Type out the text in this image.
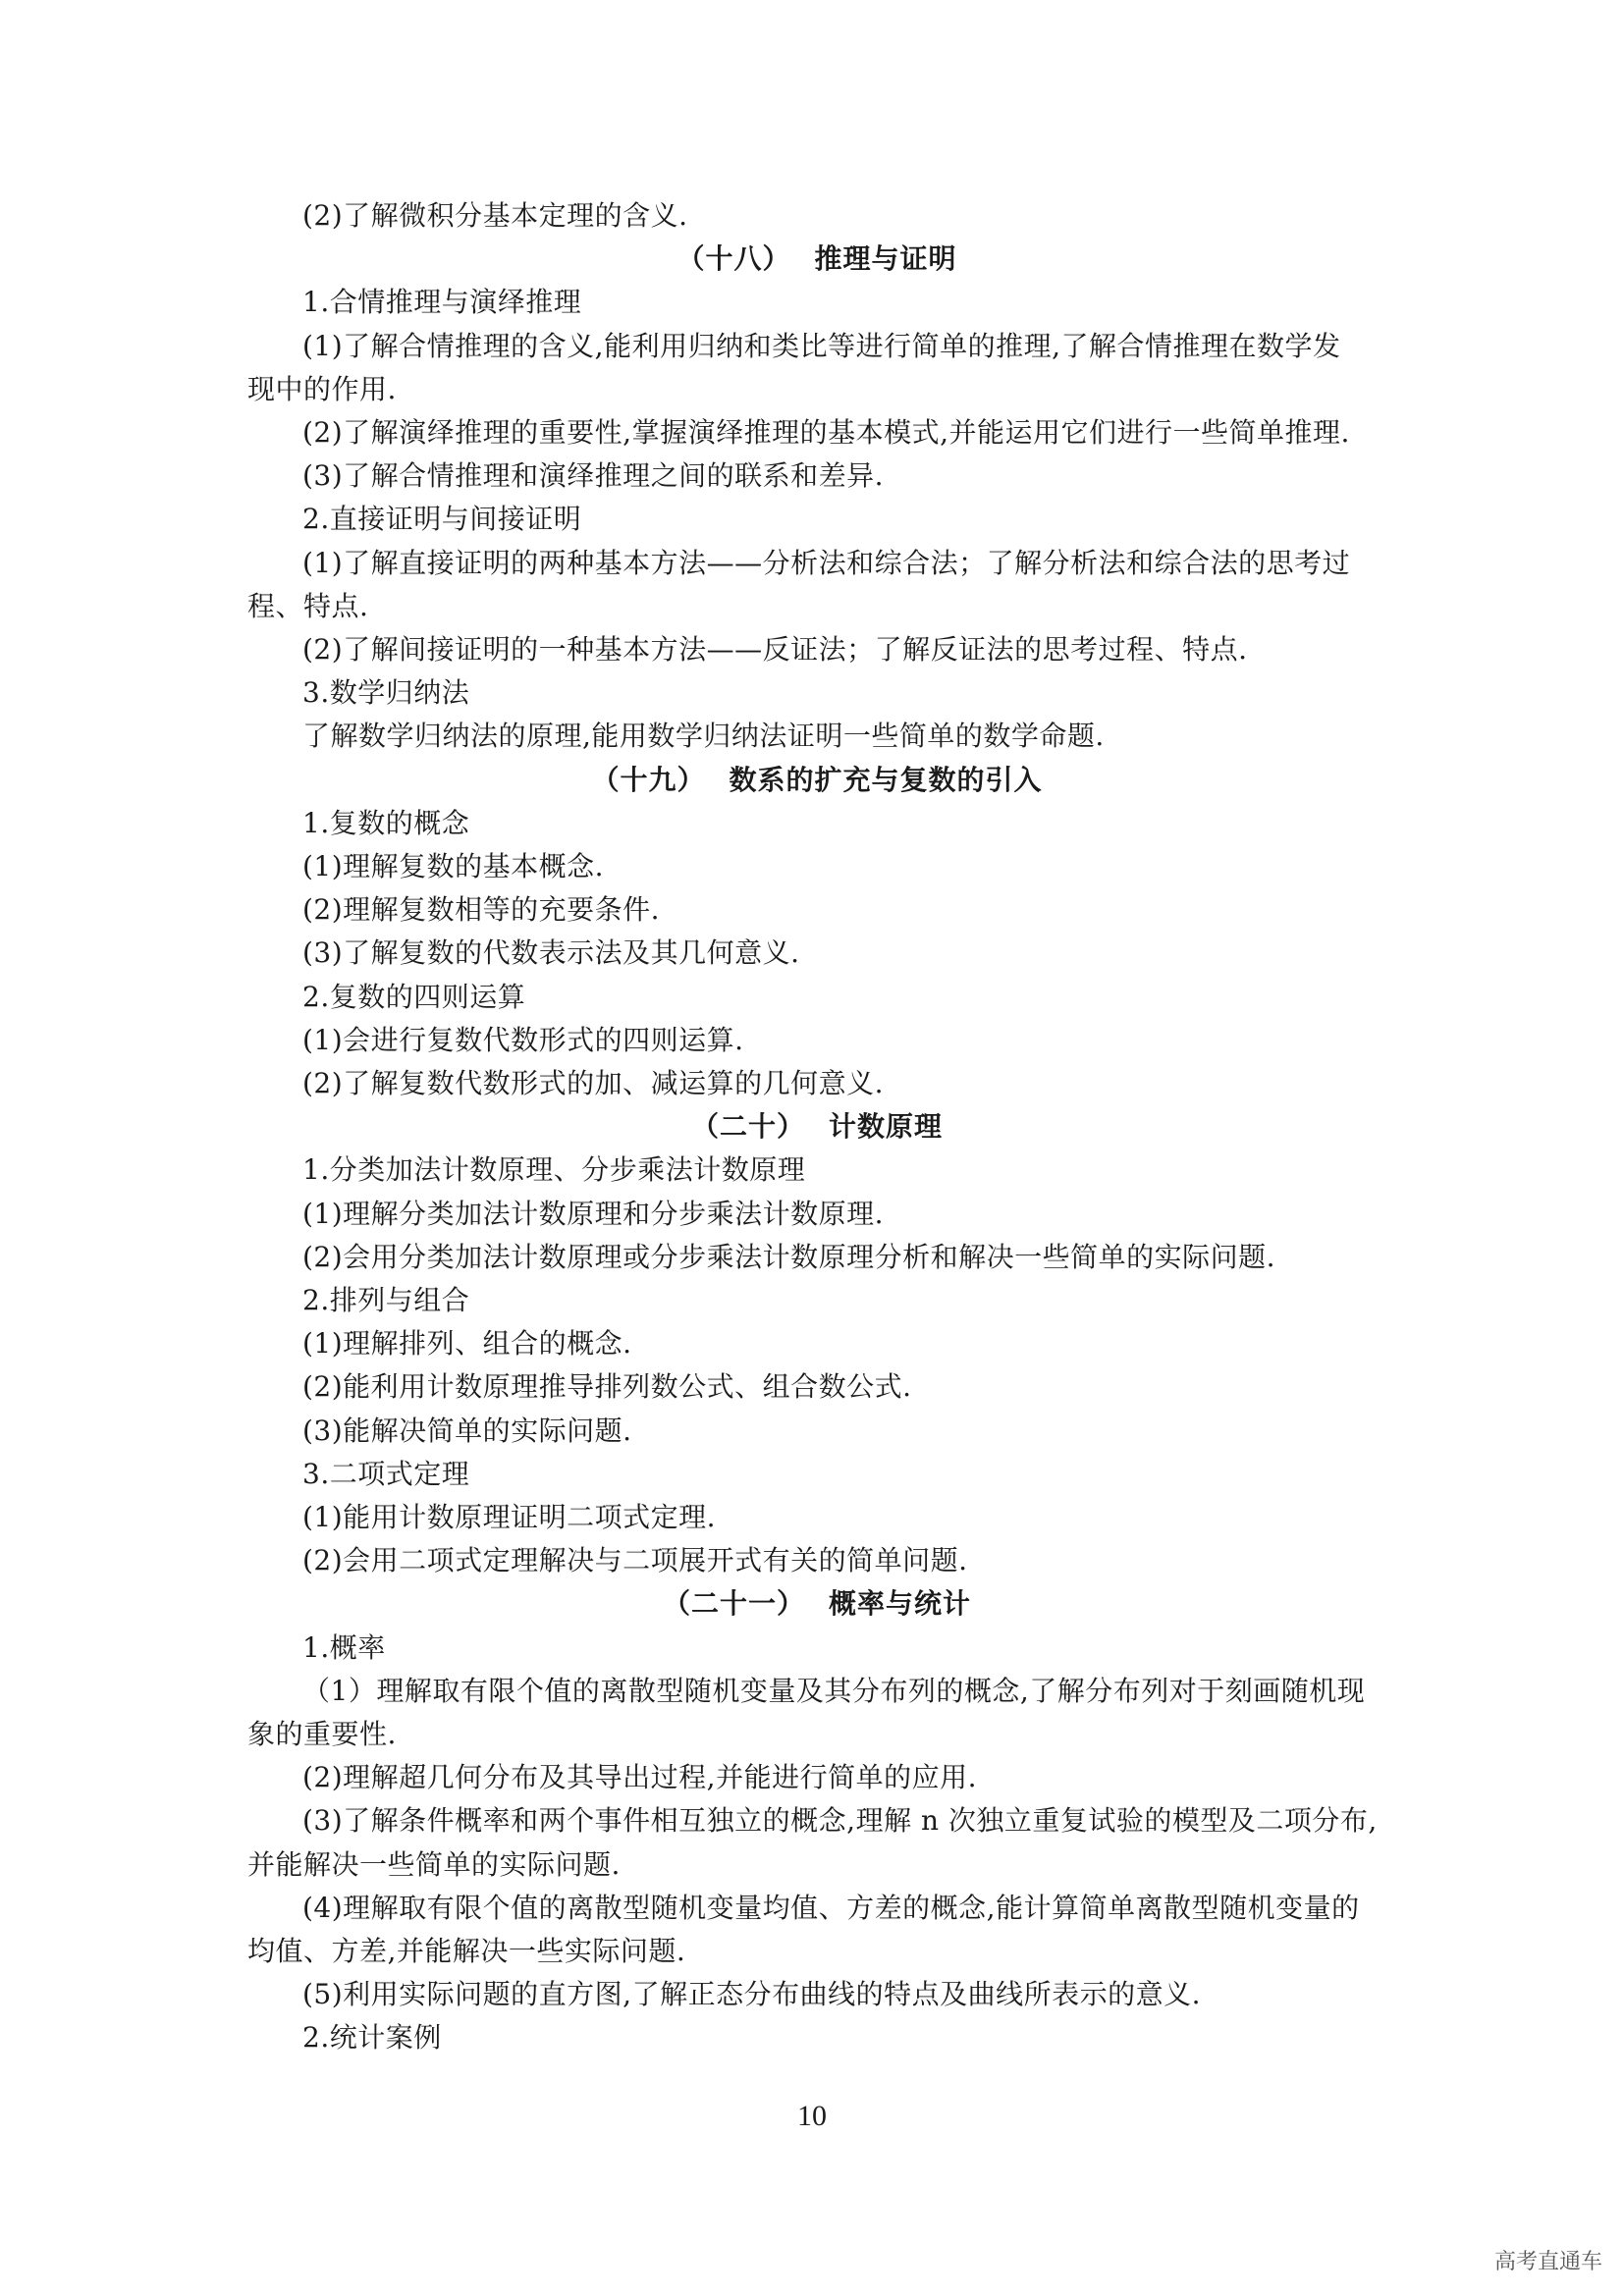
(2)了解微积分基本定理的含义.
（十八） 推理与证明
1.合情推理与演绎推理
(1)了解合情推理的含义,能利用归纳和类比等进行简单的推理,了解合情推理在数学发
现中的作用.
(2)了解演绎推理的重要性,掌握演绎推理的基本模式,并能运用它们进行一些简单推理.
(3)了解合情推理和演绎推理之间的联系和差异.
2.直接证明与间接证明
(1)了解直接证明的两种基本方法——分析法和综合法；了解分析法和综合法的思考过
程、特点.
(2)了解间接证明的一种基本方法——反证法；了解反证法的思考过程、特点.
3.数学归纳法
了解数学归纳法的原理,能用数学归纳法证明一些简单的数学命题.
（十九） 数系的扩充与复数的引入
1.复数的概念
(1)理解复数的基本概念.
(2)理解复数相等的充要条件.
(3)了解复数的代数表示法及其几何意义.
2.复数的四则运算
(1)会进行复数代数形式的四则运算.
(2)了解复数代数形式的加、减运算的几何意义.
（二十） 计数原理
1.分类加法计数原理、分步乘法计数原理
(1)理解分类加法计数原理和分步乘法计数原理.
(2)会用分类加法计数原理或分步乘法计数原理分析和解决一些简单的实际问题.
2.排列与组合
(1)理解排列、组合的概念.
(2)能利用计数原理推导排列数公式、组合数公式.
(3)能解决简单的实际问题.
3.二项式定理
(1)能用计数原理证明二项式定理.
(2)会用二项式定理解决与二项展开式有关的简单问题.
（二十一） 概率与统计
1.概率
（1）理解取有限个值的离散型随机变量及其分布列的概念,了解分布列对于刻画随机现
象的重要性.
(2)理解超几何分布及其导出过程,并能进行简单的应用.
(3)了解条件概率和两个事件相互独立的概念,理解 n 次独立重复试验的模型及二项分布,
并能解决一些简单的实际问题.
(4)理解取有限个值的离散型随机变量均值、方差的概念,能计算简单离散型随机变量的
均值、方差,并能解决一些实际问题.
(5)利用实际问题的直方图,了解正态分布曲线的特点及曲线所表示的意义.
2.统计案例
10
高考直通车
